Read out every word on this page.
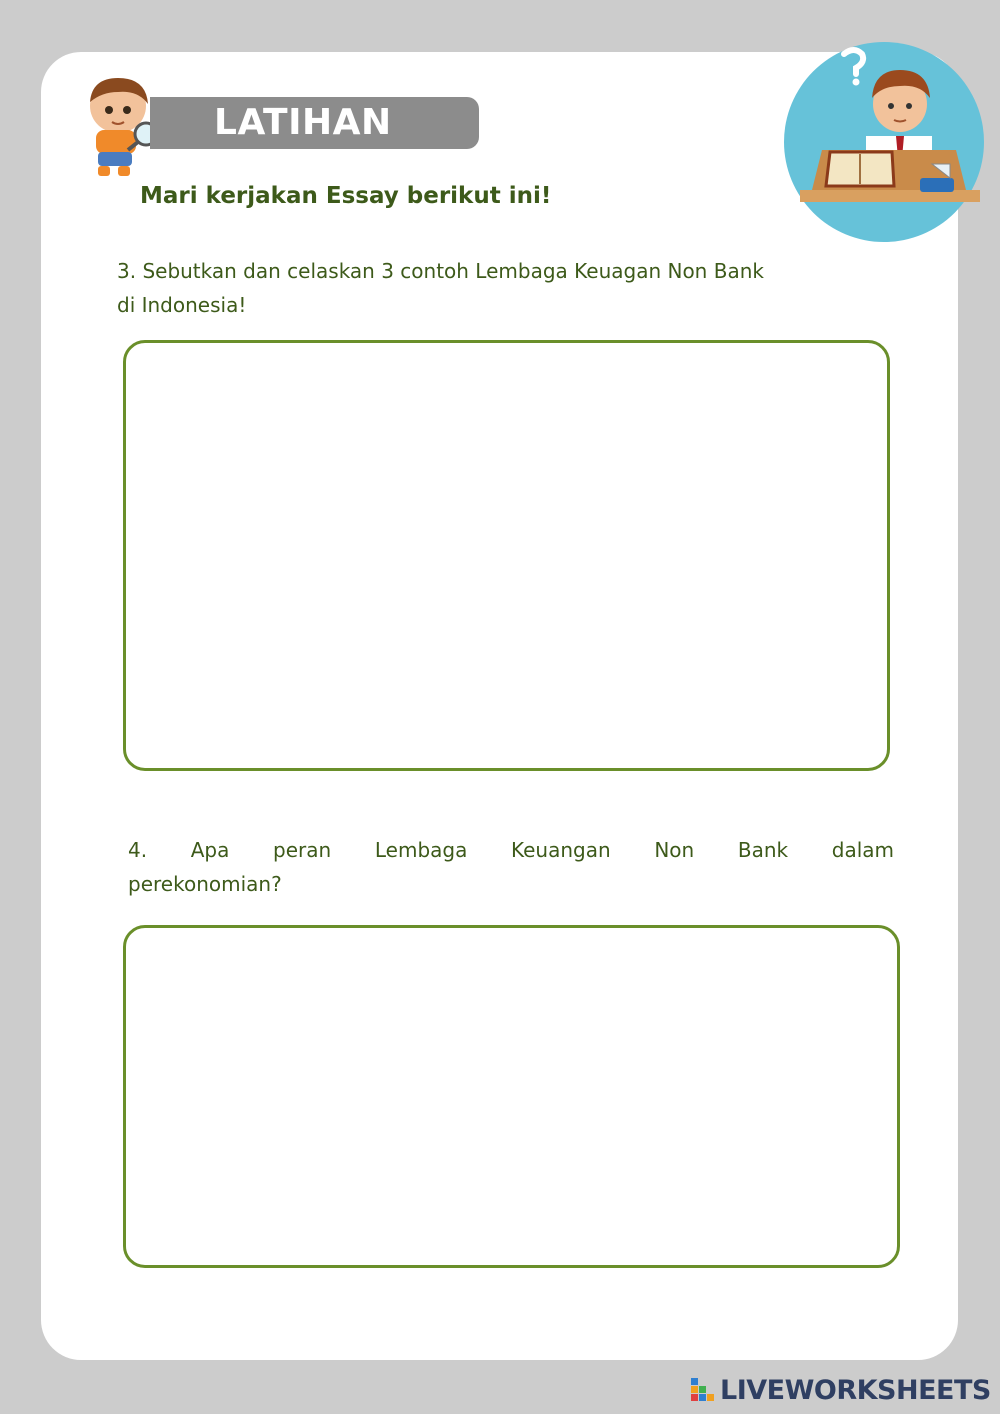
LATIHAN
Mari kerjakan Essay berikut ini!
3. Sebutkan dan celaskan 3 contoh Lembaga Keuagan Non Bank
di Indonesia!
4. Apa peran Lembaga Keuangan Non Bank dalam
perekonomian?
LIVEWORKSHEETS
